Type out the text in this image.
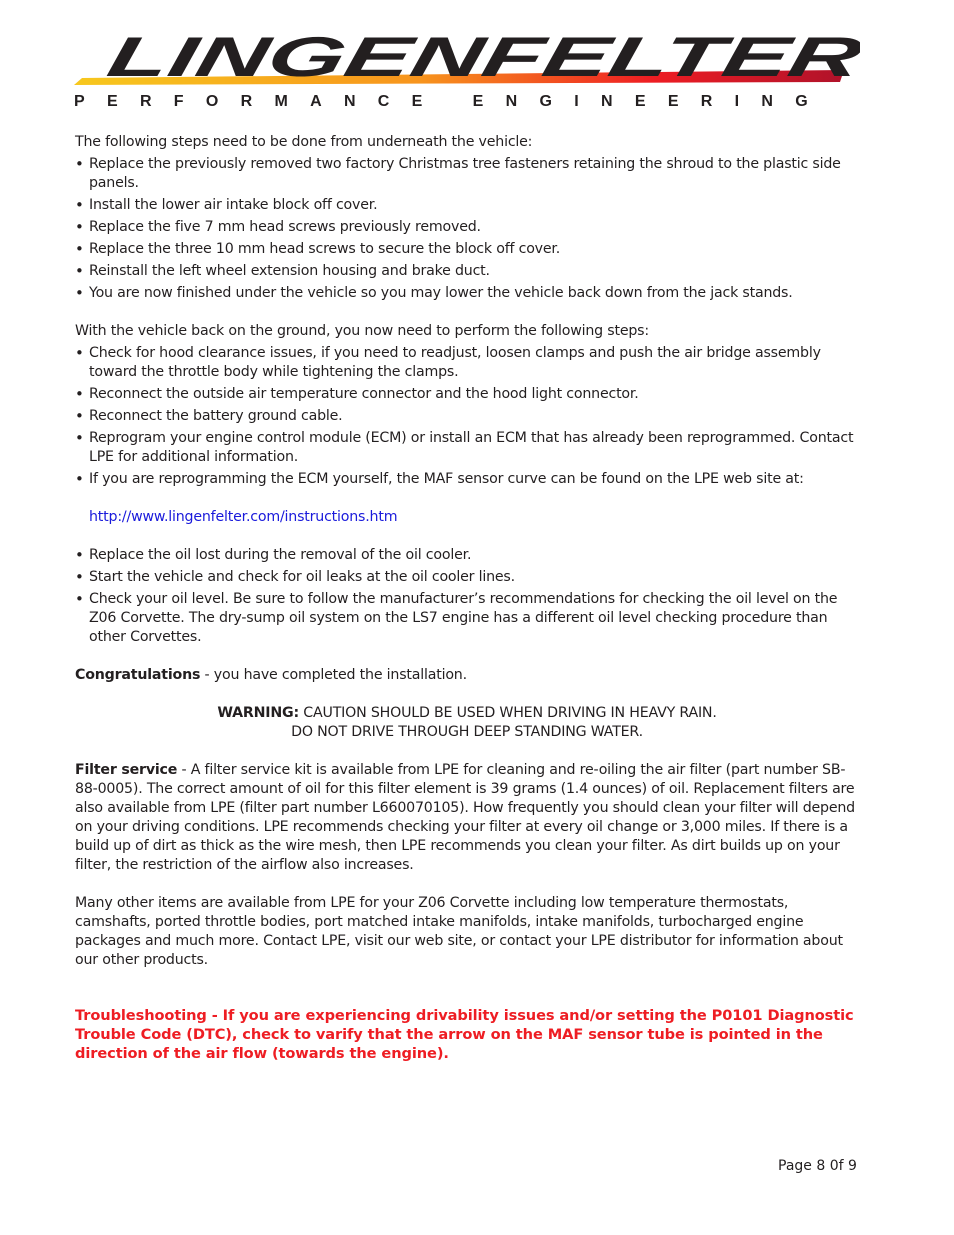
LINGENFELTER
PERFORMANCE ENGINEERING

The following steps need to be done from underneath the vehicle:

• Replace the previously removed two factory Christmas tree fasteners retaining the shroud to the plastic side panels.
• Install the lower air intake block off cover.
• Replace the five 7 mm head screws previously removed.
• Replace the three 10 mm head screws to secure the block off cover.
• Reinstall the left wheel extension housing and brake duct.
• You are now finished under the vehicle so you may lower the vehicle back down from the jack stands.

With the vehicle back on the ground, you now need to perform the following steps:

• Check for hood clearance issues, if you need to readjust, loosen clamps and push the air bridge assembly toward the throttle body while tightening the clamps.
• Reconnect the outside air temperature connector and the hood light connector.
• Reconnect the battery ground cable.
• Reprogram your engine control module (ECM) or install an ECM that has already been reprogrammed. Contact LPE for additional information.
• If you are reprogramming the ECM yourself, the MAF sensor curve can be found on the LPE web site at:

http://www.lingenfelter.com/instructions.htm

• Replace the oil lost during the removal of the oil cooler.
• Start the vehicle and check for oil leaks at the oil cooler lines.
• Check your oil level. Be sure to follow the manufacturer’s recommendations for checking the oil level on the Z06 Corvette. The dry-sump oil system on the LS7 engine has a different oil level checking procedure than other Corvettes.

Congratulations - you have completed the installation.

WARNING: CAUTION SHOULD BE USED WHEN DRIVING IN HEAVY RAIN.

DO NOT DRIVE THROUGH DEEP STANDING WATER.

Filter service - A filter service kit is available from LPE for cleaning and re-oiling the air filter (part number SB-88-0005). The correct amount of oil for this filter element is 39 grams (1.4 ounces) of oil. Replacement filters are also available from LPE (filter part number L660070105). How frequently you should clean your filter will depend on your driving conditions. LPE recommends checking your filter at every oil change or 3,000 miles. If there is a build up of dirt as thick as the wire mesh, then LPE recommends you clean your filter. As dirt builds up on your filter, the restriction of the airflow also increases.

Many other items are available from LPE for your Z06 Corvette including low temperature thermostats, camshafts, ported throttle bodies, port matched intake manifolds, intake manifolds, turbocharged engine packages and much more. Contact LPE, visit our web site, or contact your LPE distributor for information about our other products.

Troubleshooting - If you are experiencing drivability issues and/or setting the P0101 Diagnostic Trouble Code (DTC), check to varify that the arrow on the MAF sensor tube is pointed in the direction of the air flow (towards the engine).

Page 8 0f 9
